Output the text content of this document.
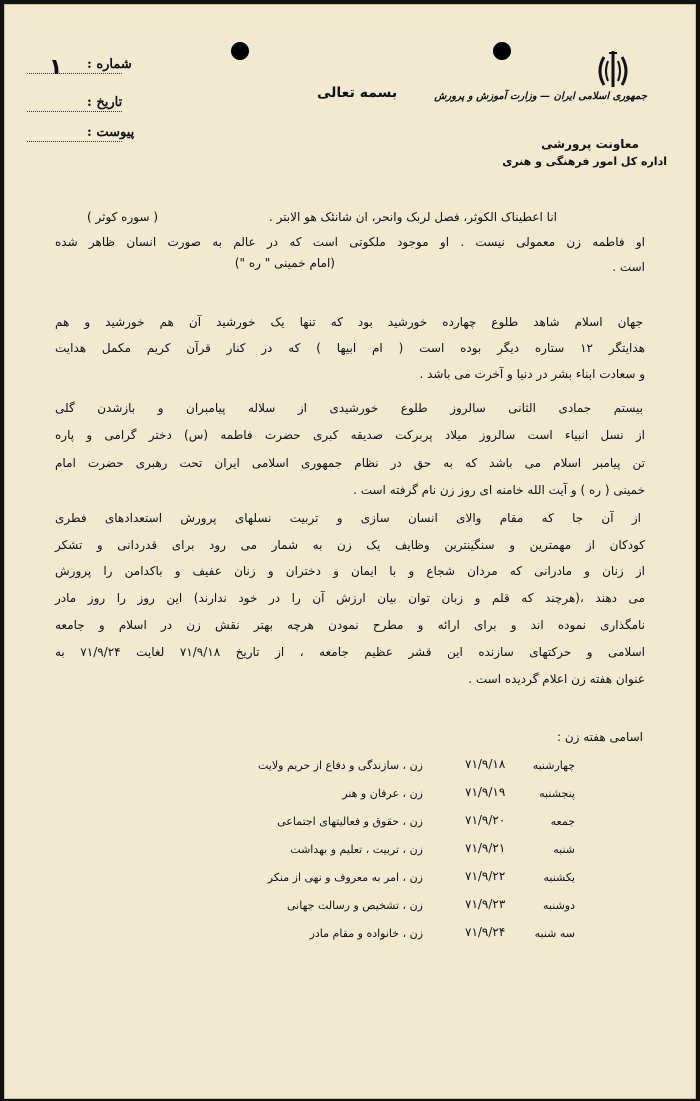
: شماره
۱
: تاریخ
: پیوست
بسمه تعالی	جمهوری اسلامی ایران — وزارت آموزش و پرورش
معاونت پرورشی
اداره کل امور فرهنگی و هنری
انا اعطیناک الکوثر، فصل لربک وانحر، ان شانئک هو الابتر .
( سوره کوثر )
او فاطمه زن معمولی نیست . او موجود ملکوتی است که در عالم به صورت انسان ظاهر شده
است .
(امام خمینی " ره ")
جهان اسلام شاهد طلوع چهارده خورشید بود که تنها یک خورشید آن هم خورشید و هم
هدایتگر ۱۲ ستاره دیگر بوده است ( ام ابیها ) که در کنار قرآن کریم مکمل هدایت
و سعادت ابناء بشر در دنیا و آخرت می باشد .
بیستم جمادی الثانی سالروز طلوع خورشیدی از سلاله پیامبران و بازشدن گلی
از نسل انبیاء است سالروز میلاد پربرکت صدیقه کبری حضرت فاطمه (س) دختر گرامی و پاره
تن پیامبر اسلام می باشد که به حق در نظام جمهوری اسلامی ایران تحت رهبری حضرت امام
خمینی ( ره ) و آیت الله خامنه ای روز زن نام گرفته است .
از آن جا که مقام والای انسان سازی و تربیت نسلهای پرورش استعدادهای فطری
کودکان از مهمترین و سنگینترین وظایف یک زن به شمار می رود برای قدردانی و تشکر
از زنان و مادرانی که مردان شجاع و با ایمان و دختران و زنان عفیف و باکدامن را پرورش
می دهند ،(هرچند که قلم و زبان توان بیان ارزش آن را در خود ندارند) این روز را روز مادر
نامگذاری نموده اند و برای ارائه و مطرح نمودن هرچه بهتر نقش زن در اسلام و جامعه
اسلامی و حرکتهای سازنده این قشر عظیم جامعه ، از تاریخ ۷۱/۹/۱۸ لغایت ۷۱/۹/۲۴ به
عنوان هفته زن اعلام گردیده است .
اسامی هفته زن :
چهارشنبه
۷۱/۹/۱۸
زن ، سازندگی و دفاع از حریم ولایت
پنجشنبه
۷۱/۹/۱۹
زن ، عرفان و هنر
جمعه
۷۱/۹/۲۰
زن ، حقوق و فعالیتهای اجتماعی
شنبه
۷۱/۹/۲۱
زن ، تربیت ، تعلیم و بهداشت
یکشنبه
۷۱/۹/۲۲
زن ، امر به معروف و نهی از منکر
دوشنبه
۷۱/۹/۲۳
زن ، تشخیص و رسالت جهانی
سه شنبه
۷۱/۹/۲۴
زن ، خانواده و مقام مادر
